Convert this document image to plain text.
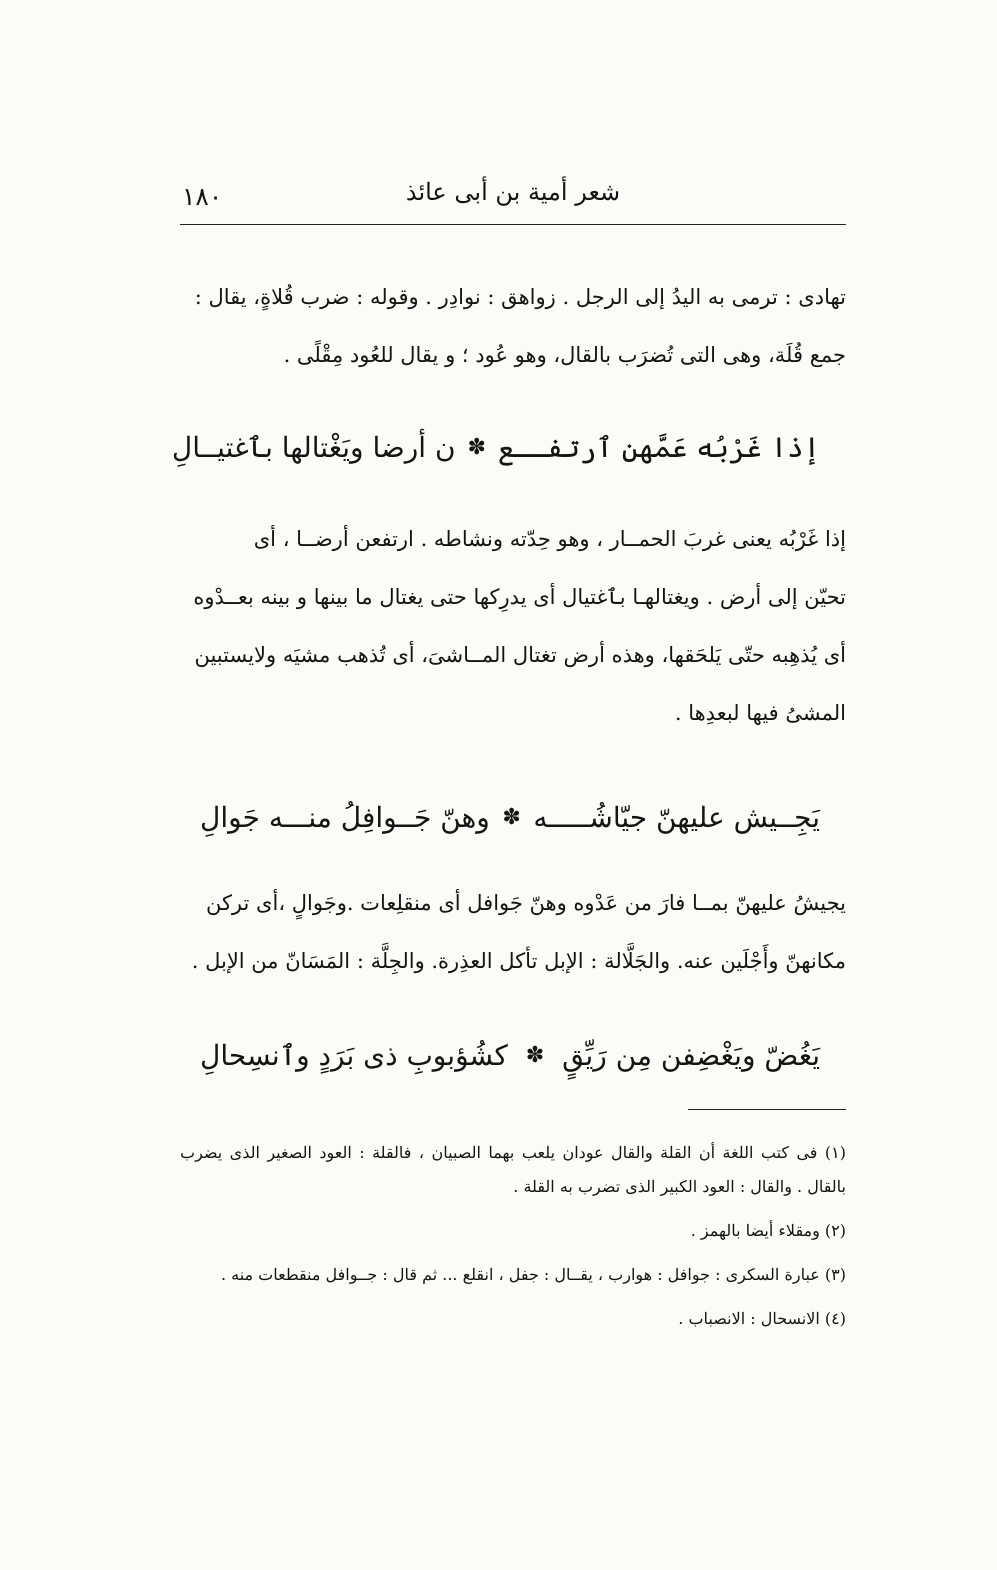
١٨٠	شعر أمية بن أبى عائذ

تهادى : ترمى به اليدُ إلى الرجل . زواهق : نوادِر . وقوله : ضرب قُلاةٍ، يقال :

جمع قُلَة، وهى التى تُضرَب بالقال، وهو عُود ؛ و يقال للعُود مِقْلًى .

إذا غَرْبُه عَمَّهن ٱرتفــع
✽
ن أرضا ويَغْتالها بٱغتيــالِ

إذا غَرْبُه يعنى غربَ الحمــار ، وهو حِدّته ونشاطه . ارتفعن أرضــا ، أى

تحيّن إلى أرض . ويغتالهـا بٱغتيال أى يدرِكها حتى يغتال ما بينها و بينه بعــدْوه

أى يُذهِبه حتّى يَلحَقها، وهذه أرض تغتال المــاشىَ، أى تُذهب مشيَه ولايستبين

المشىُ فيها لبعدِها .

يَجِــيش عليهنّ جيّاشُـــــه
✽
وهنّ جَــوافِلُ منـــه جَوالِ

يجيشُ عليهنّ بمــا فارَ من عَدْوه وهنّ جَوافل أى منقلِعات .وجَوالٍ ،أى تركن

مكانهنّ وأَجْلَين عنه. والجَلَّالة : الإبل تأكل العذِرة. والجِلَّة : المَسَانّ من الإبل .

يَغُضّ ويَغْضِفن مِن رَيِّقٍ
✽
كشُؤبوبِ ذى بَرَدٍ وٱنسِحالِ

(١) فى كتب اللغة أن القلة والقال عودان يلعب بهما الصبيان ، فالقلة : العود الصغير الذى يضرب بالقال . والقال : العود الكبير الذى تضرب به القلة .

(٢) ومقلاء أيضا بالهمز .

(٣) عبارة السكرى : جوافل : هوارب ، يقــال : جفل ، انقلع ... ثم قال : جــوافل منقطعات منه .

(٤) الانسحال : الانصباب .
